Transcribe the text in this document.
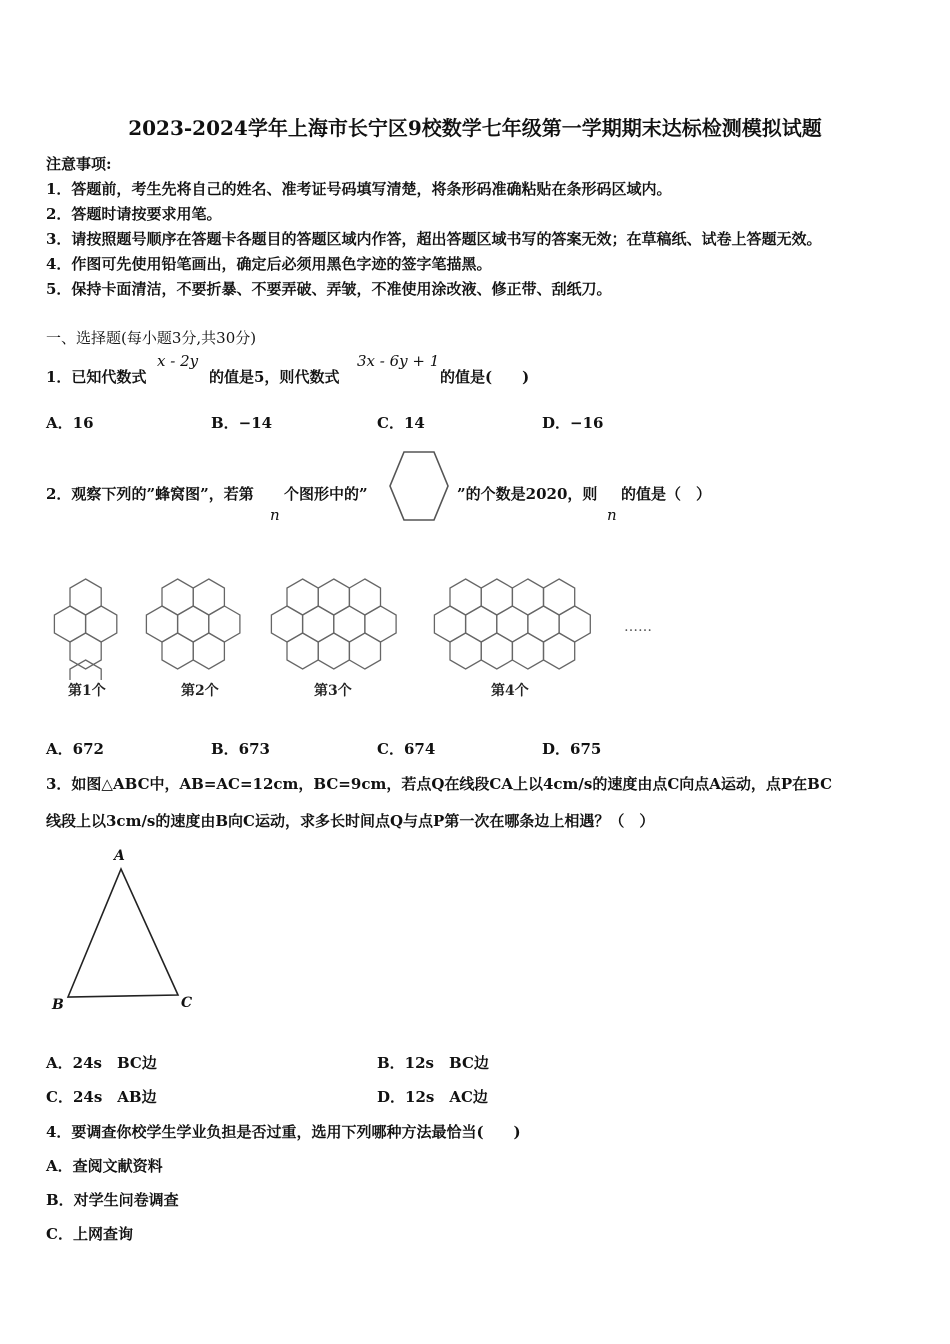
2023-2024学年上海市长宁区9校数学七年级第一学期期末达标检测模拟试题
注意事项:
1．答题前，考生先将自己的姓名、准考证号码填写清楚，将条形码准确粘贴在条形码区域内。
2．答题时请按要求用笔。
3．请按照题号顺序在答题卡各题目的答题区域内作答，超出答题区域书写的答案无效；在草稿纸、试卷上答题无效。
4．作图可先使用铅笔画出，确定后必须用黑色字迹的签字笔描黑。
5．保持卡面清洁，不要折暴、不要弄破、弄皱，不准使用涂改液、修正带、刮纸刀。
一、选择题(每小题3分,共30分)
1．已知代数式
x - 2y
的值是5，则代数式
3x - 6y + 1
的值是(　　)
A．16	B．−14	C．14	D．−16
2．观察下列的”蜂窝图”，若第
n
个图形中的”	”的个数是2020，则
n
的值是（　）
第1个	第2个	第3个	第4个
……
A．672	B．673	C．674	D．675
3．如图△ABC中，AB=AC=12cm，BC=9cm，若点Q在线段CA上以4cm/s的速度由点C向点A运动，点P在BC
线段上以3cm/s的速度由B向C运动，求多长时间点Q与点P第一次在哪条边上相遇？（　）
A
B	C
A．24s　BC边	B．12s　BC边
C．24s　AB边	D．12s　AC边
4．要调查你校学生学业负担是否过重，选用下列哪种方法最恰当(　　)
A．查阅文献资料
B．对学生问卷调查
C．上网查询
